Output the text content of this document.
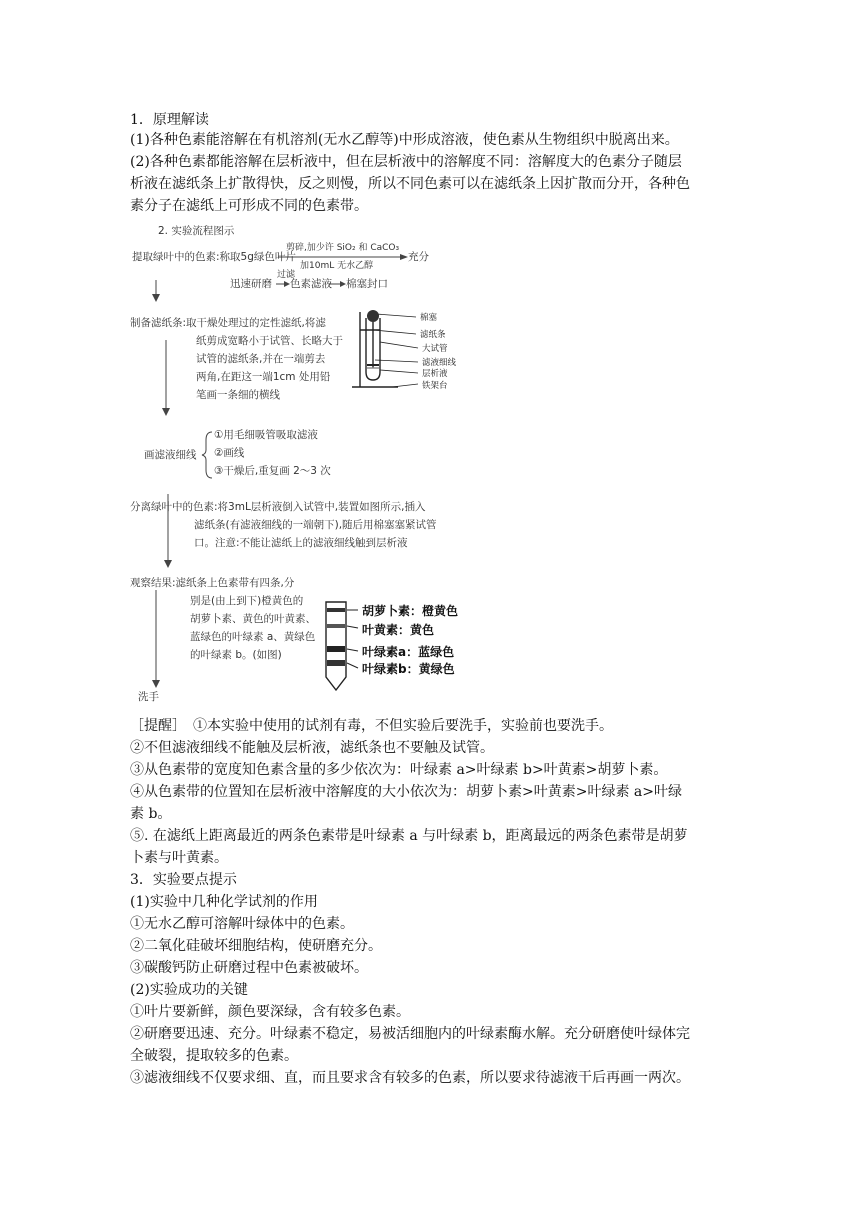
1．原理解读
(1)各种色素能溶解在有机溶剂(无水乙醇等)中形成溶液，使色素从生物组织中脱离出来。
(2)各种色素都能溶解在层析液中，但在层析液中的溶解度不同：溶解度大的色素分子随层
析液在滤纸条上扩散得快，反之则慢，所以不同色素可以在滤纸条上因扩散而分开，各种色
素分子在滤纸上可形成不同的色素带。
2. 实验流程图示
提取绿叶中的色素:称取5g绿色叶片
剪碎,加少许 SiO₂ 和 CaCO₃
加10mL 无水乙醇
充分
迅速研磨
过滤
色素滤液 棉塞封口
制备滤纸条:取干燥处理过的定性滤纸,将滤
纸剪成宽略小于试管、长略大于
试管的滤纸条,并在一端剪去
两角,在距这一端1cm 处用铅
笔画一条细的横线
棉塞
滤纸条
大试管
滤液细线
层析液
铁架台
画滤液细线
①用毛细吸管吸取滤液
②画线
③干燥后,重复画 2～3 次
分离绿叶中的色素:将3mL层析液倒入试管中,装置如图所示,插入
滤纸条(有滤液细线的一端朝下),随后用棉塞塞紧试管
口。注意:不能让滤纸上的滤液细线触到层析液
观察结果:滤纸条上色素带有四条,分
别是(由上到下)橙黄色的
胡萝卜素、黄色的叶黄素、
蓝绿色的叶绿素 a、黄绿色
的叶绿素 b。(如图)
胡萝卜素：橙黄色
叶黄素：黄色
叶绿素a：蓝绿色
叶绿素b：黄绿色
洗手
［提醒］　①本实验中使用的试剂有毒，不但实验后要洗手，实验前也要洗手。
②不但滤液细线不能触及层析液，滤纸条也不要触及试管。
③从色素带的宽度知色素含量的多少依次为：叶绿素 a>叶绿素 b>叶黄素>胡萝卜素。
④从色素带的位置知在层析液中溶解度的大小依次为：胡萝卜素>叶黄素>叶绿素 a>叶绿
素 b。
⑤. 在滤纸上距离最近的两条色素带是叶绿素 a 与叶绿素 b，距离最远的两条色素带是胡萝
卜素与叶黄素。
3．实验要点提示
(1)实验中几种化学试剂的作用
①无水乙醇可溶解叶绿体中的色素。
②二氧化硅破坏细胞结构，使研磨充分。
③碳酸钙防止研磨过程中色素被破坏。
(2)实验成功的关键
①叶片要新鲜，颜色要深绿，含有较多色素。
②研磨要迅速、充分。叶绿素不稳定，易被活细胞内的叶绿素酶水解。充分研磨使叶绿体完
全破裂，提取较多的色素。
③滤液细线不仅要求细、直，而且要求含有较多的色素，所以要求待滤液干后再画一两次。
